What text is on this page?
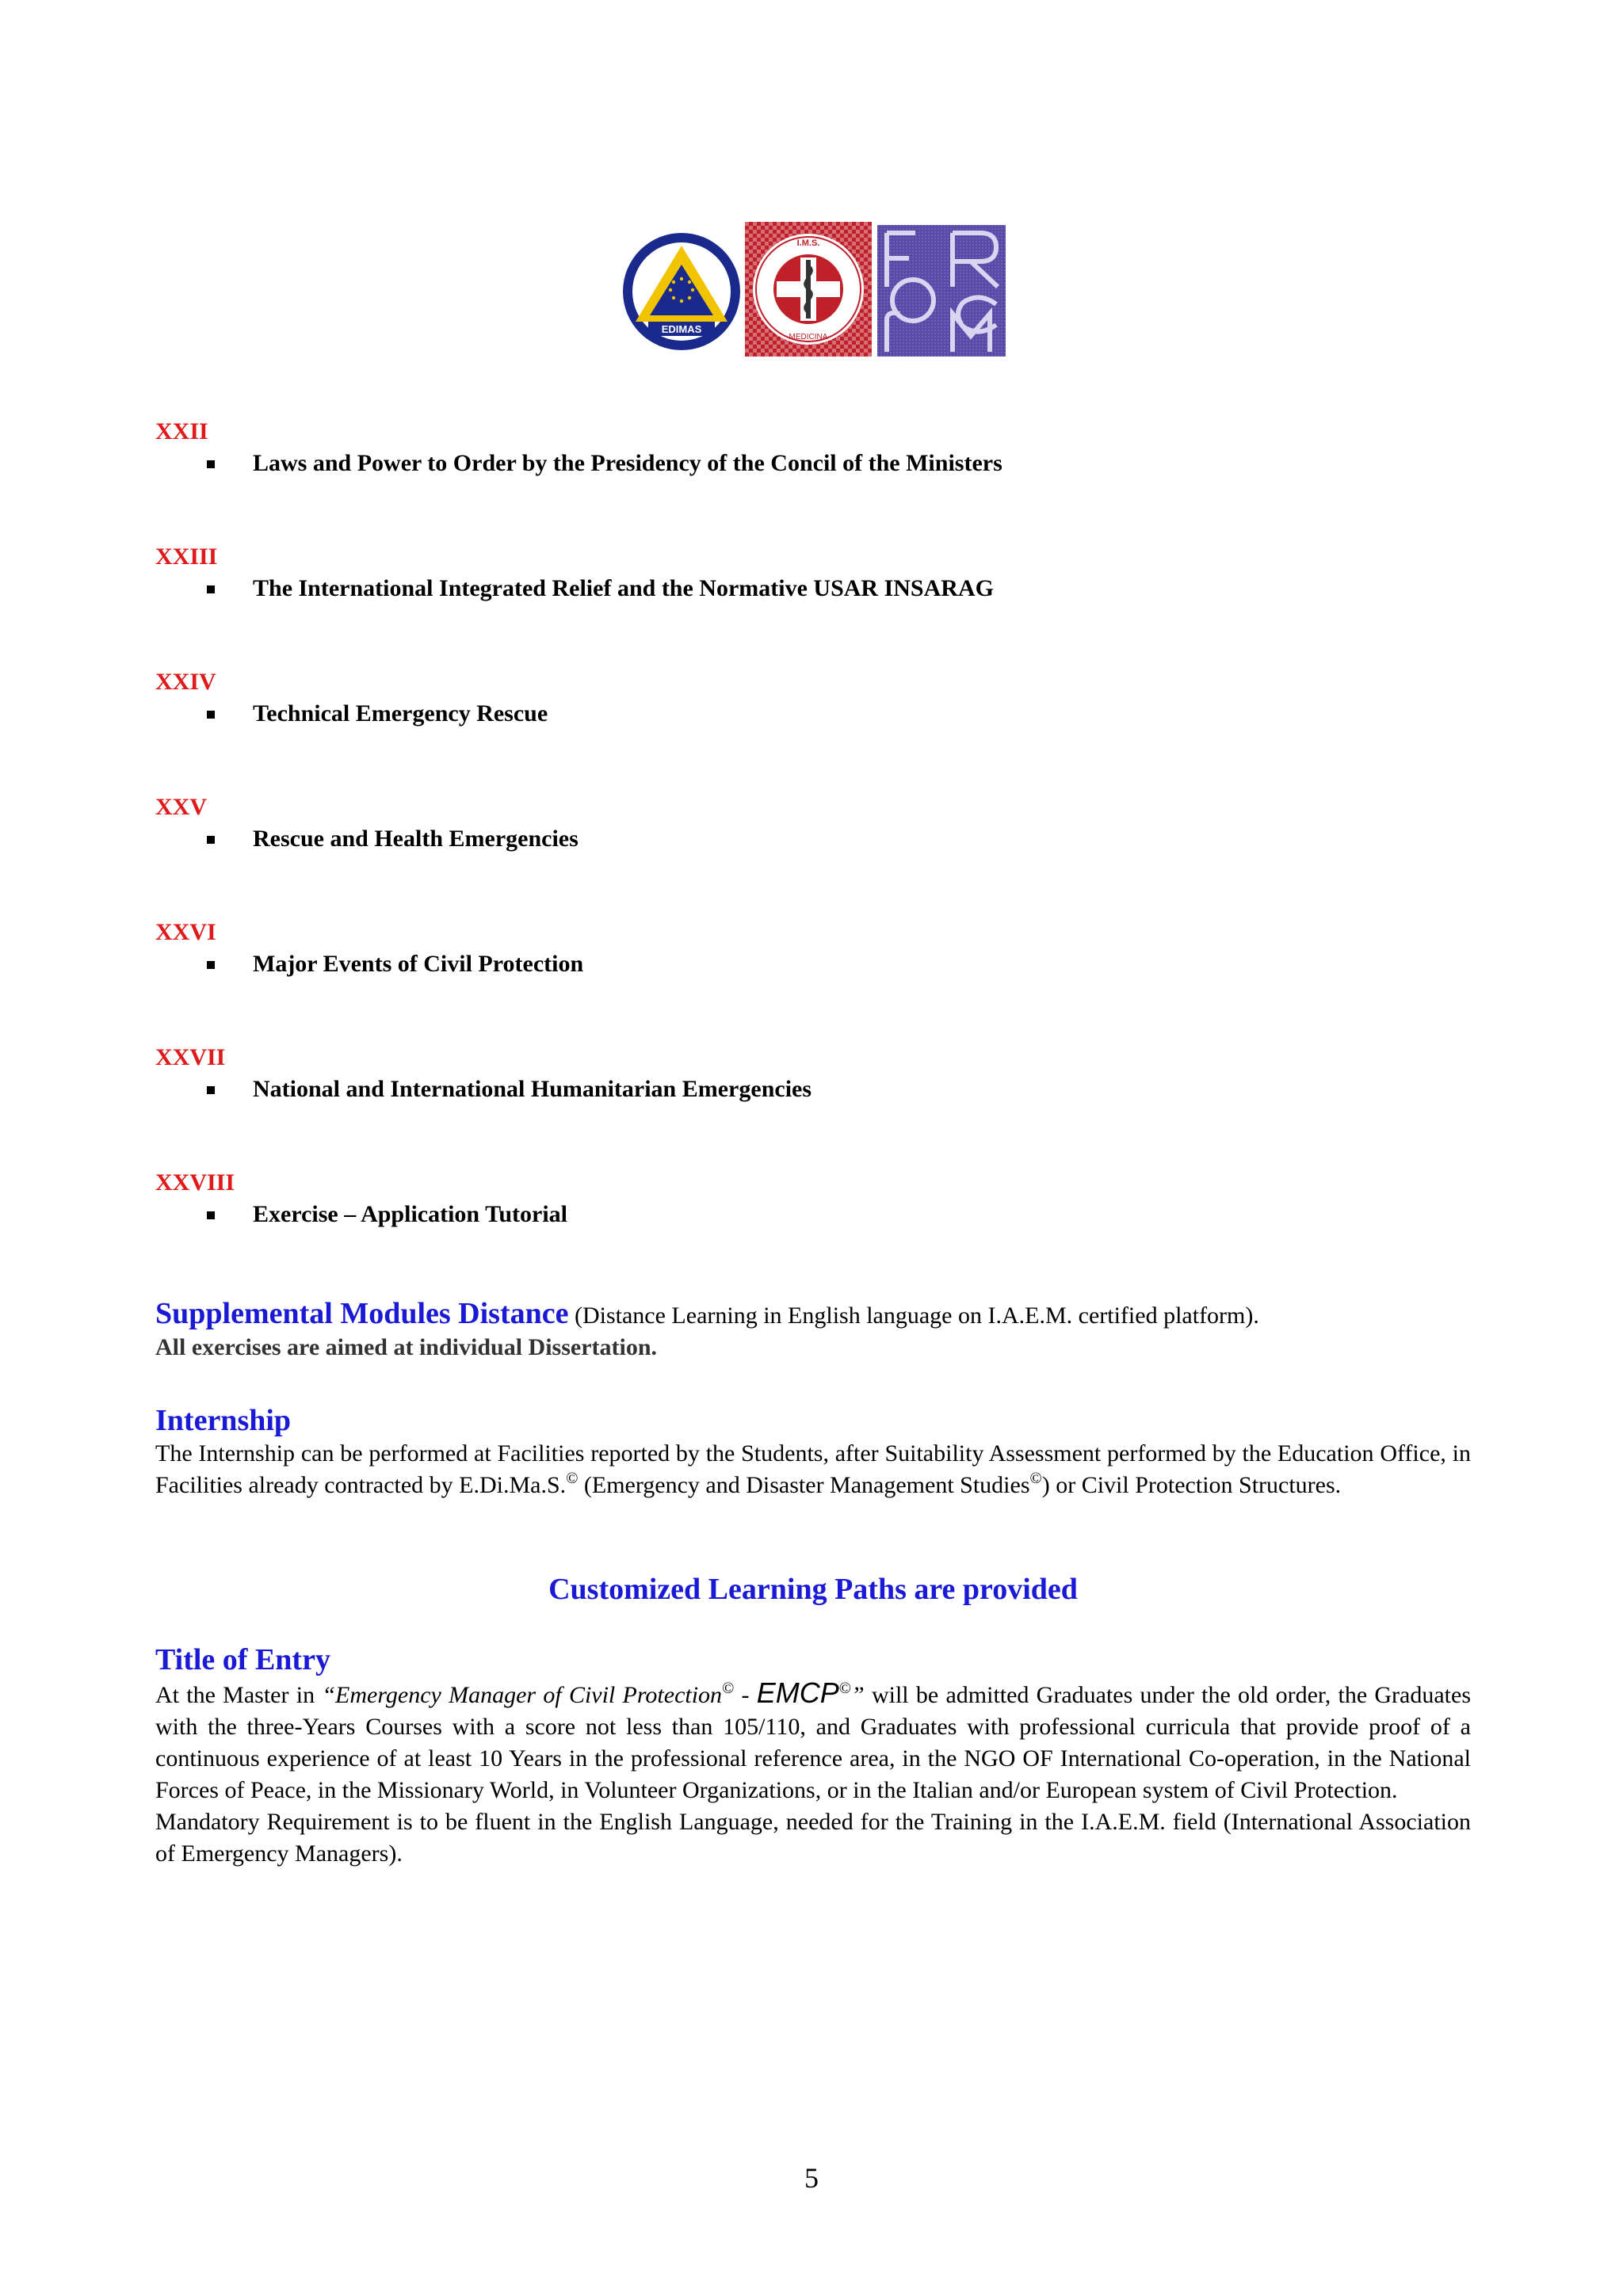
EDIMAS
I.M.S.
MEDICINA
FORCM
XXII
Laws and Power to Order by the Presidency of the Concil of the Ministers
XXIII
The International Integrated Relief and the Normative USAR INSARAG
XXIV
Technical Emergency Rescue
XXV
Rescue and Health Emergencies
XXVI
Major Events of Civil Protection
XXVII
National and International Humanitarian Emergencies
XXVIII
Exercise – Application Tutorial
Supplemental Modules Distance (Distance Learning in English language on I.A.E.M. certified platform).
All exercises are aimed at individual Dissertation.
Internship
The Internship can be performed at Facilities reported by the Students, after Suitability Assessment performed by the Education Office, in Facilities already contracted by E.Di.Ma.S.© (Emergency and Disaster Management Studies©) or Civil Protection Structures.
Customized Learning Paths are provided
Title of Entry
At the Master in “Emergency Manager of Civil Protection© - EMCP©” will be admitted Graduates under the old order, the Graduates with the three-Years Courses with a score not less than 105/110, and Graduates with professional curricula that provide proof of a continuous experience of at least 10 Years in the professional reference area, in the NGO OF International Co-operation, in the National Forces of Peace, in the Missionary World, in Volunteer Organizations, or in the Italian and/or European system of Civil Protection.
Mandatory Requirement is to be fluent in the English Language, needed for the Training in the I.A.E.M. field (International Association of Emergency Managers).
5
